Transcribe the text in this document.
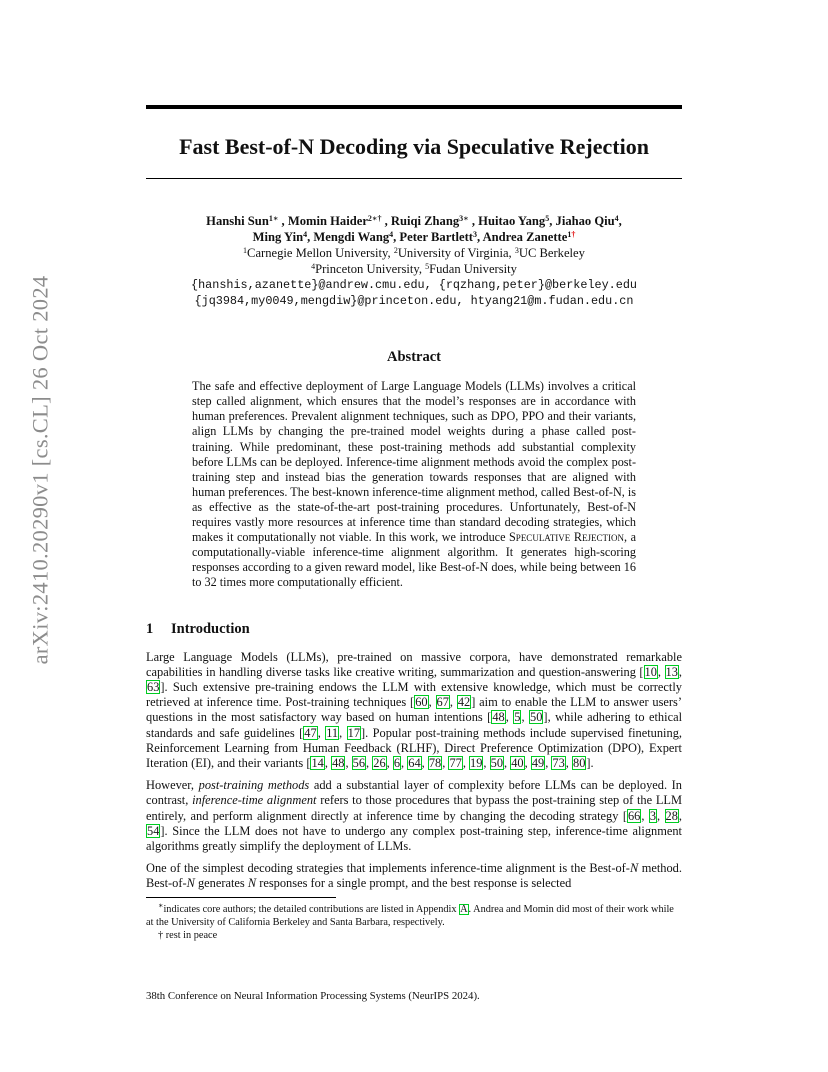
arXiv:2410.20290v1 [cs.CL] 26 Oct 2024
Fast Best-of-N Decoding via Speculative Rejection
Hanshi Sun$^{1∗}$ , Momin Haider$^{2∗\dagger}$ , Ruiqi Zhang$^{3∗}$ , Huitao Yang$^5$, Jiahao Qiu$^4$,
Ming Yin$^4$, Mengdi Wang$^4$, Peter Bartlett$^3$, Andrea Zanette$^{1\dagger}$
$^1$Carnegie Mellon University, $^2$University of Virginia, $^3$UC Berkeley
$^4$Princeton University, $^5$Fudan University
{hanshis,azanette}@andrew.cmu.edu, {rqzhang,peter}@berkeley.edu
{jq3984,my0049,mengdiw}@princeton.edu, htyang21@m.fudan.edu.cn
Abstract
The safe and effective deployment of Large Language Models (LLMs) involves a critical step called alignment, which ensures that the model’s responses are in accordance with human preferences. Prevalent alignment techniques, such as DPO, PPO and their variants, align LLMs by changing the pre-trained model weights during a phase called post-training. While predominant, these post-training methods add substantial complexity before LLMs can be deployed. Inference-time alignment methods avoid the complex post-training step and instead bias the generation towards responses that are aligned with human preferences. The best-known inference-time alignment method, called Best-of-N, is as effective as the state-of-the-art post-training procedures. Unfortunately, Best-of-N requires vastly more resources at inference time than standard decoding strategies, which makes it computationally not viable. In this work, we introduce Speculative Rejection, a computationally-viable inference-time alignment algorithm. It generates high-scoring responses according to a given reward model, like Best-of-N does, while being between 16 to 32 times more computationally efficient.
1 Introduction
Large Language Models (LLMs), pre-trained on massive corpora, have demonstrated remarkable capabilities in handling diverse tasks like creative writing, summarization and question-answering [10, 13, 63]. Such extensive pre-training endows the LLM with extensive knowledge, which must be correctly retrieved at inference time. Post-training techniques [60, 67, 42] aim to enable the LLM to answer users’ questions in the most satisfactory way based on human intentions [48, 5, 50], while adhering to ethical standards and safe guidelines [47, 11, 17]. Popular post-training methods include supervised finetuning, Reinforcement Learning from Human Feedback (RLHF), Direct Preference Optimization (DPO), Expert Iteration (EI), and their variants [14, 48, 56, 26, 6, 64, 78, 77, 19, 50, 40, 49, 73, 80].
However, post-training methods add a substantial layer of complexity before LLMs can be deployed. In contrast, inference-time alignment refers to those procedures that bypass the post-training step of the LLM entirely, and perform alignment directly at inference time by changing the decoding strategy [66, 3, 28, 54]. Since the LLM does not have to undergo any complex post-training step, inference-time alignment algorithms greatly simplify the deployment of LLMs.
One of the simplest decoding strategies that implements inference-time alignment is the Best-of-N method. Best-of-N generates N responses for a single prompt, and the best response is selected
∗indicates core authors; the detailed contributions are listed in Appendix A. Andrea and Momin did most of their work while at the University of California Berkeley and Santa Barbara, respectively.
† rest in peace
38th Conference on Neural Information Processing Systems (NeurIPS 2024).
